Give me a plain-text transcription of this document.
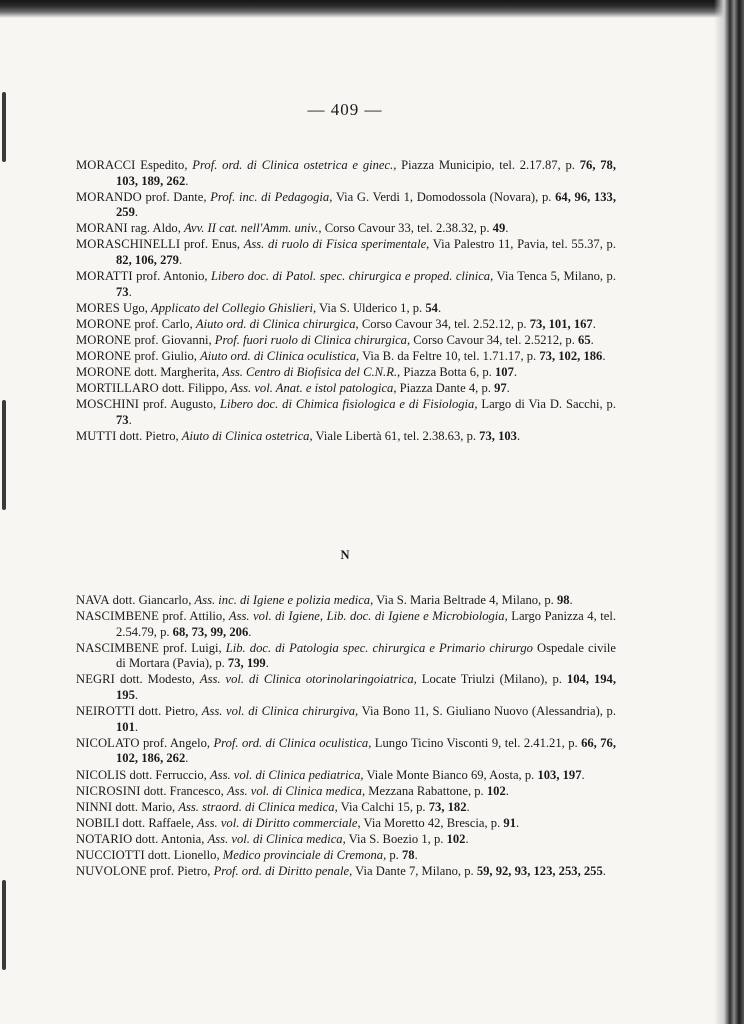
— 409 —
MORACCI Espedito, Prof. ord. di Clinica ostetrica e ginec., Piazza Municipio, tel. 2.17.87, p. 76, 78, 103, 189, 262.
MORANDO prof. Dante, Prof. inc. di Pedagogia, Via G. Verdi 1, Domodossola (Novara), p. 64, 96, 133, 259.
MORANI rag. Aldo, Avv. II cat. nell'Amm. univ., Corso Cavour 33, tel. 2.38.32, p. 49.
MORASCHINELLI prof. Enus, Ass. di ruolo di Fisica sperimentale, Via Palestro 11, Pavia, tel. 55.37, p. 82, 106, 279.
MORATTI prof. Antonio, Libero doc. di Patol. spec. chirurgica e proped. clinica, Via Tenca 5, Milano, p. 73.
MORES Ugo, Applicato del Collegio Ghislieri, Via S. Ulderico 1, p. 54.
MORONE prof. Carlo, Aiuto ord. di Clinica chirurgica, Corso Cavour 34, tel. 2.52.12, p. 73, 101, 167.
MORONE prof. Giovanni, Prof. fuori ruolo di Clinica chirurgica, Corso Cavour 34, tel. 2.5212, p. 65.
MORONE prof. Giulio, Aiuto ord. di Clinica oculistica, Via B. da Feltre 10, tel. 1.71.17, p. 73, 102, 186.
MORONE dott. Margherita, Ass. Centro di Biofisica del C.N.R., Piazza Botta 6, p. 107.
MORTILLARO dott. Filippo, Ass. vol. Anat. e istol patologica, Piazza Dante 4, p. 97.
MOSCHINI prof. Augusto, Libero doc. di Chimica fisiologica e di Fisiologia, Largo di Via D. Sacchi, p. 73.
MUTTI dott. Pietro, Aiuto di Clinica ostetrica, Viale Libertà 61, tel. 2.38.63, p. 73, 103.
N
NAVA dott. Giancarlo, Ass. inc. di Igiene e polizia medica, Via S. Maria Beltrade 4, Milano, p. 98.
NASCIMBENE prof. Attilio, Ass. vol. di Igiene, Lib. doc. di Igiene e Microbiologia, Largo Panizza 4, tel. 2.54.79, p. 68, 73, 99, 206.
NASCIMBENE prof. Luigi, Lib. doc. di Patologia spec. chirurgica e Primario chirurgo Ospedale civile di Mortara (Pavia), p. 73, 199.
NEGRI dott. Modesto, Ass. vol. di Clinica otorinolaringoiatrica, Locate Triulzi (Milano), p. 104, 194, 195.
NEIROTTI dott. Pietro, Ass. vol. di Clinica chirurgiva, Via Bono 11, S. Giuliano Nuovo (Alessandria), p. 101.
NICOLATO prof. Angelo, Prof. ord. di Clinica oculistica, Lungo Ticino Visconti 9, tel. 2.41.21, p. 66, 76, 102, 186, 262.
NICOLIS dott. Ferruccio, Ass. vol. di Clinica pediatrica, Viale Monte Bianco 69, Aosta, p. 103, 197.
NICROSINI dott. Francesco, Ass. vol. di Clinica medica, Mezzana Rabattone, p. 102.
NINNI dott. Mario, Ass. straord. di Clinica medica, Via Calchi 15, p. 73, 182.
NOBILI dott. Raffaele, Ass. vol. di Diritto commerciale, Via Moretto 42, Brescia, p. 91.
NOTARIO dott. Antonia, Ass. vol. di Clinica medica, Via S. Boezio 1, p. 102.
NUCCIOTTI dott. Lionello, Medico provinciale di Cremona, p. 78.
NUVOLONE prof. Pietro, Prof. ord. di Diritto penale, Via Dante 7, Milano, p. 59, 92, 93, 123, 253, 255.
